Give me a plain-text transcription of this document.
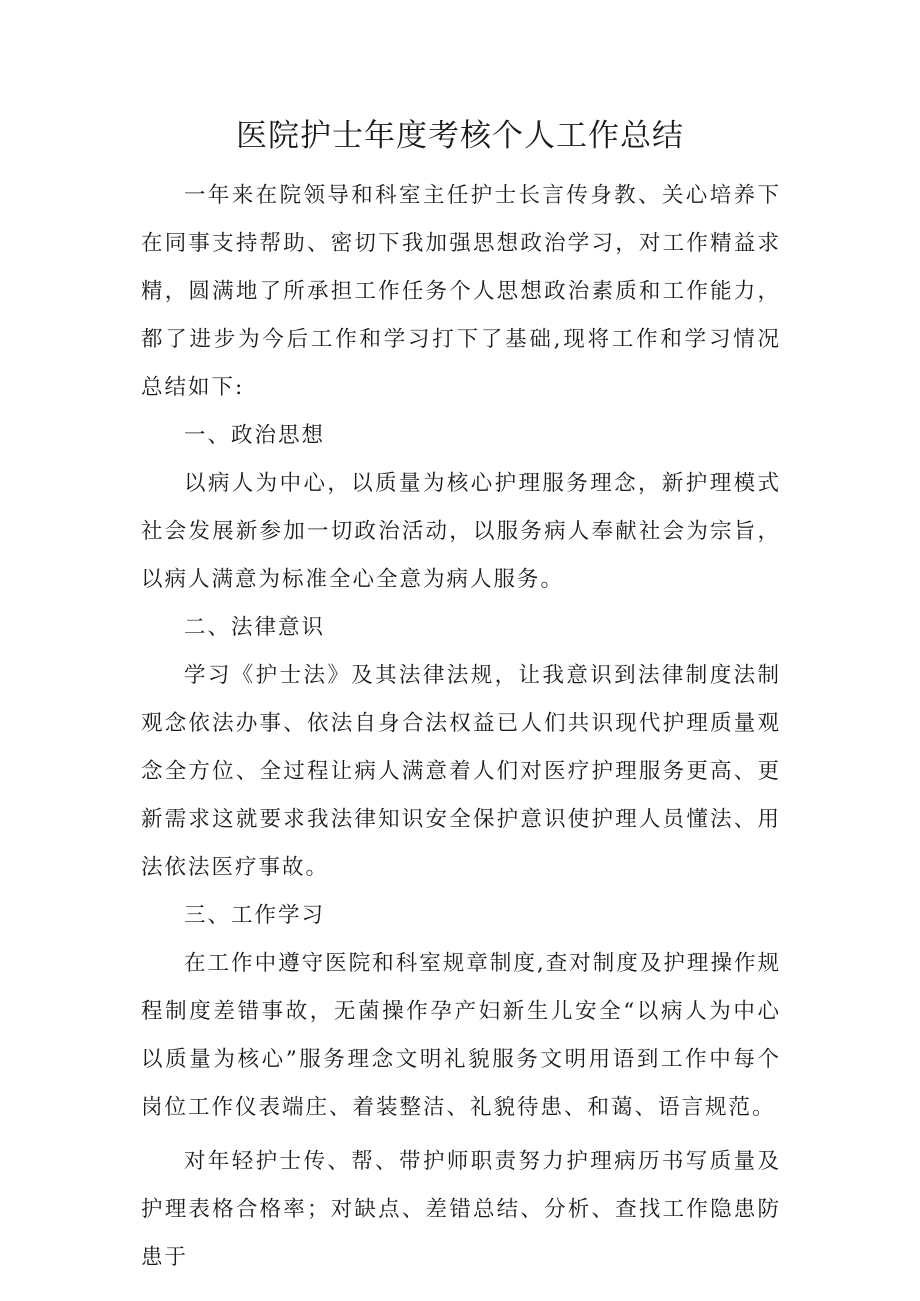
医院护士年度考核个人工作总结

一年来在院领导和科室主任护士长言传身教、关心培养下在同事支持帮助、密切下我加强思想政治学习，对工作精益求精，圆满地了所承担工作任务个人思想政治素质和工作能力，都了进步为今后工作和学习打下了基础,现将工作和学习情况总结如下:

一、政治思想

以病人为中心，以质量为核心护理服务理念，新护理模式社会发展新参加一切政治活动，以服务病人奉献社会为宗旨，以病人满意为标准全心全意为病人服务。

二、法律意识

学习《护士法》及其法律法规，让我意识到法律制度法制观念依法办事、依法自身合法权益已人们共识现代护理质量观念全方位、全过程让病人满意着人们对医疗护理服务更高、更新需求这就要求我法律知识安全保护意识使护理人员懂法、用法依法医疗事故。

三、工作学习

在工作中遵守医院和科室规章制度,查对制度及护理操作规程制度差错事故，无菌操作孕产妇新生儿安全“以病人为中心以质量为核心”服务理念文明礼貌服务文明用语到工作中每个岗位工作仪表端庄、着装整洁、礼貌待患、和蔼、语言规范。

对年轻护士传、帮、带护师职责努力护理病历书写质量及护理表格合格率；对缺点、差错总结、分析、查找工作隐患防患于
